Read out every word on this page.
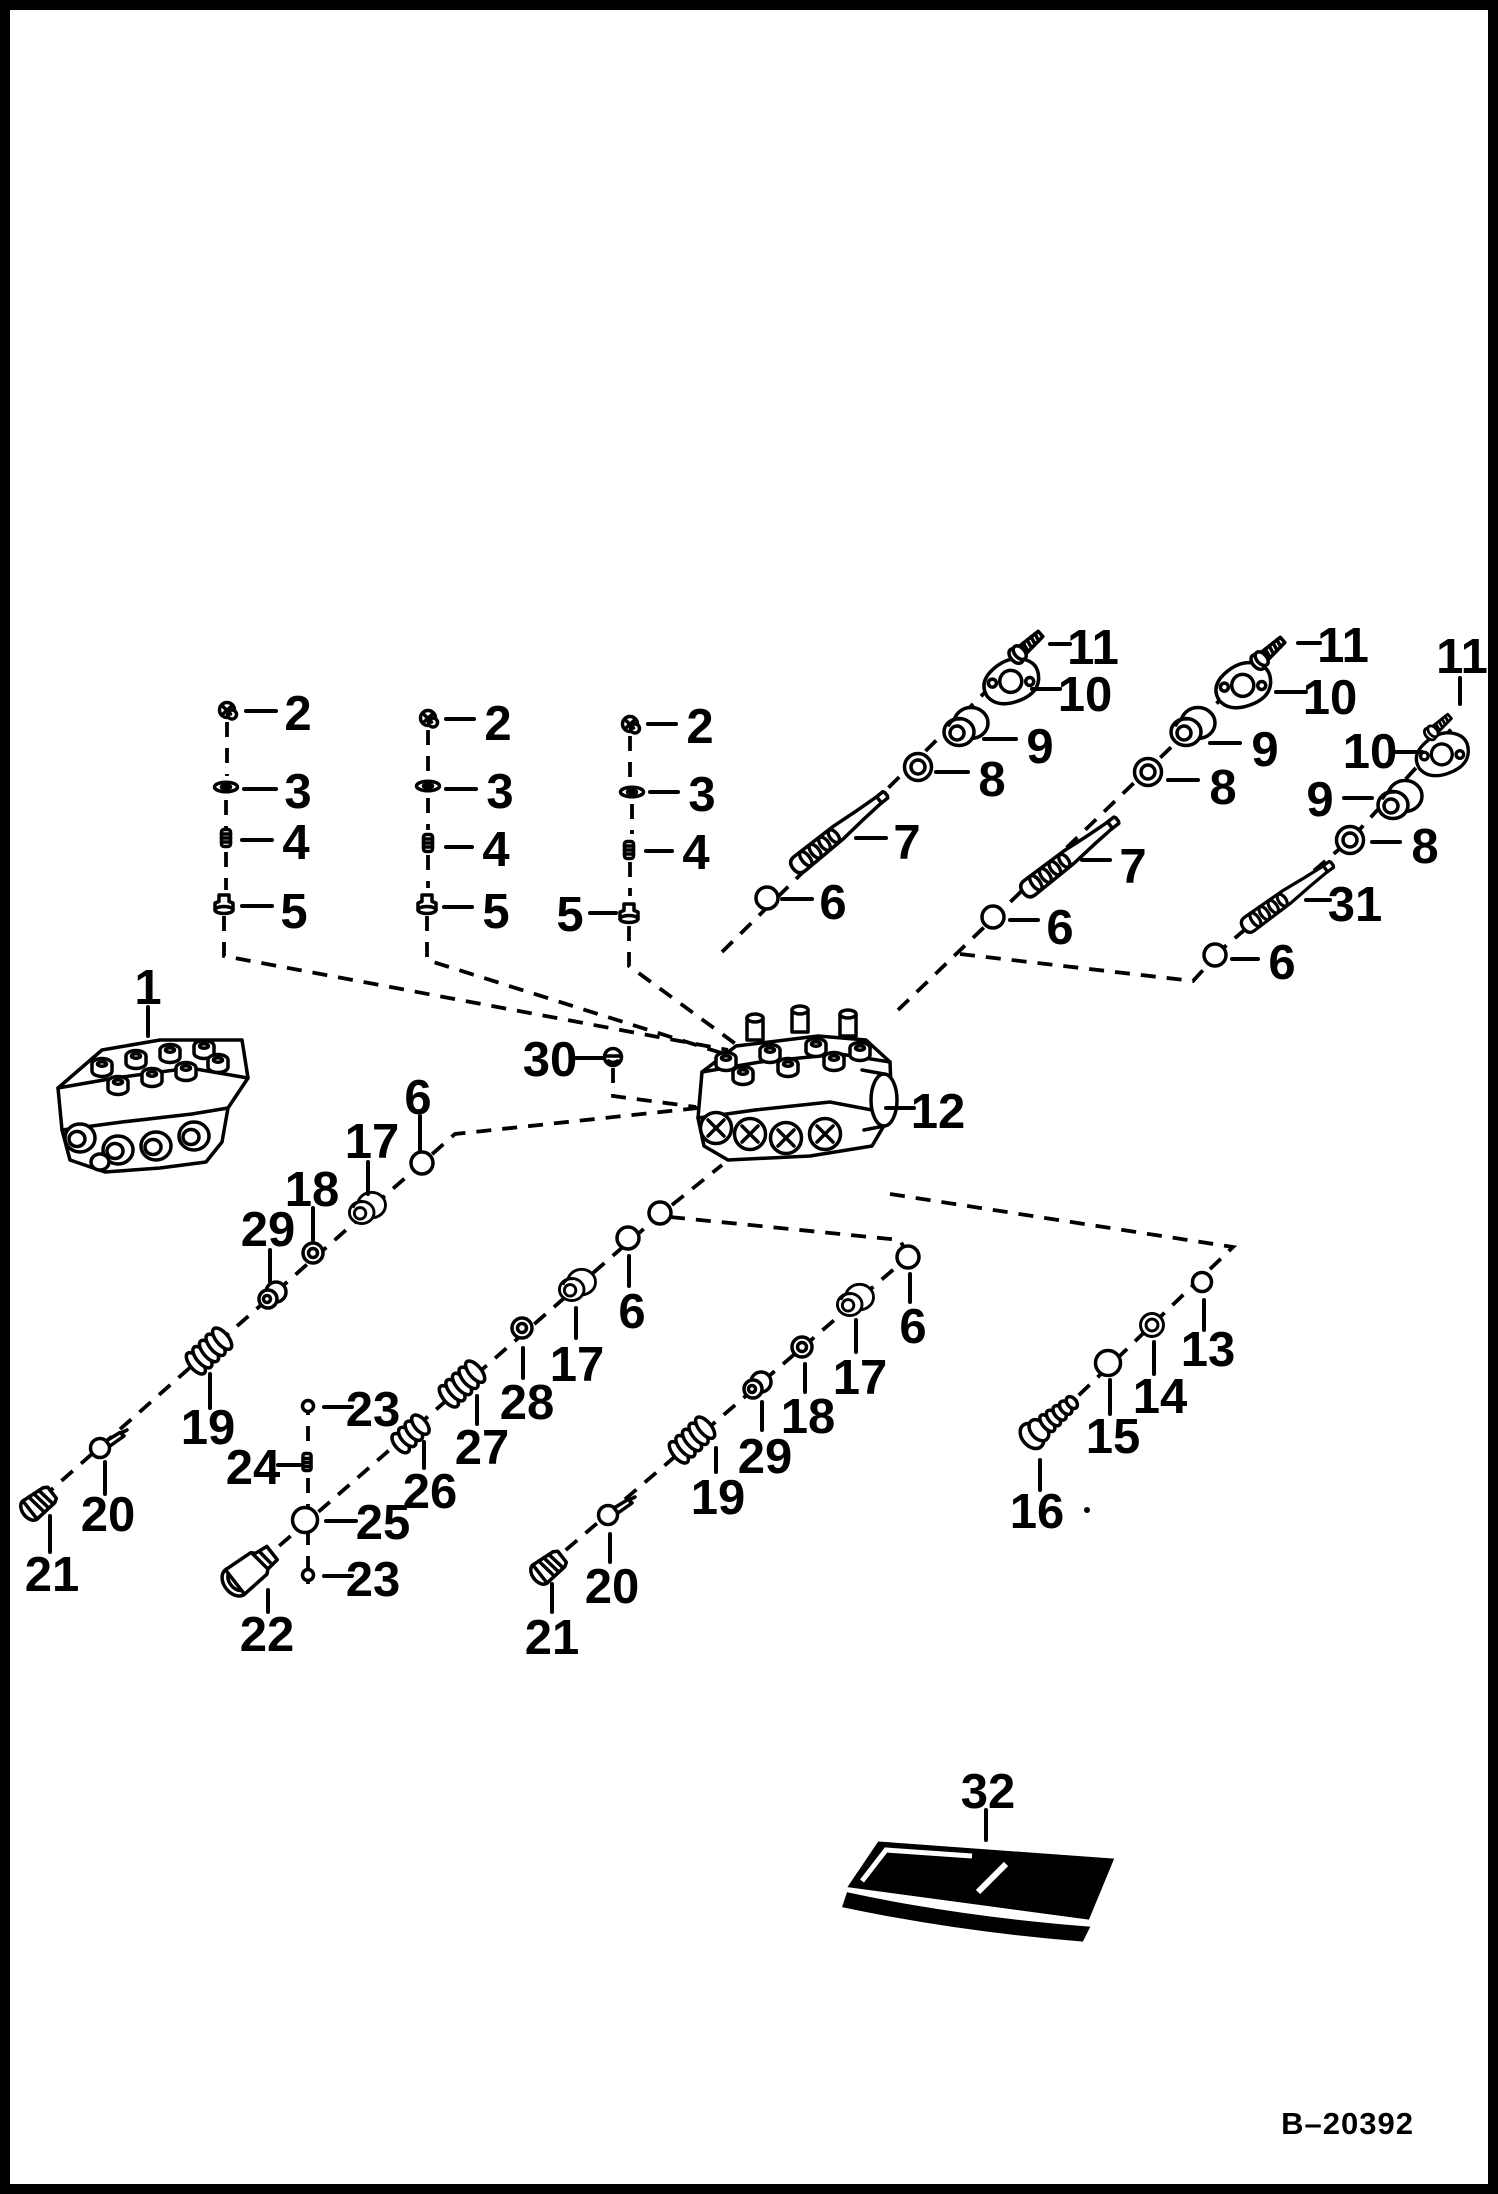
1
2
3
4
5
2
3
4
5
2
3
4
5
30
12
6
7
8
9
10
11
6
7
8
9
10
11
6
31
8
9
10
11
13
14
15
16
6
17
18
29
19
20
21
23
24
25
23
22
26
27
28
17
6
21
20
19
29
18
17
6
32
B–20392
